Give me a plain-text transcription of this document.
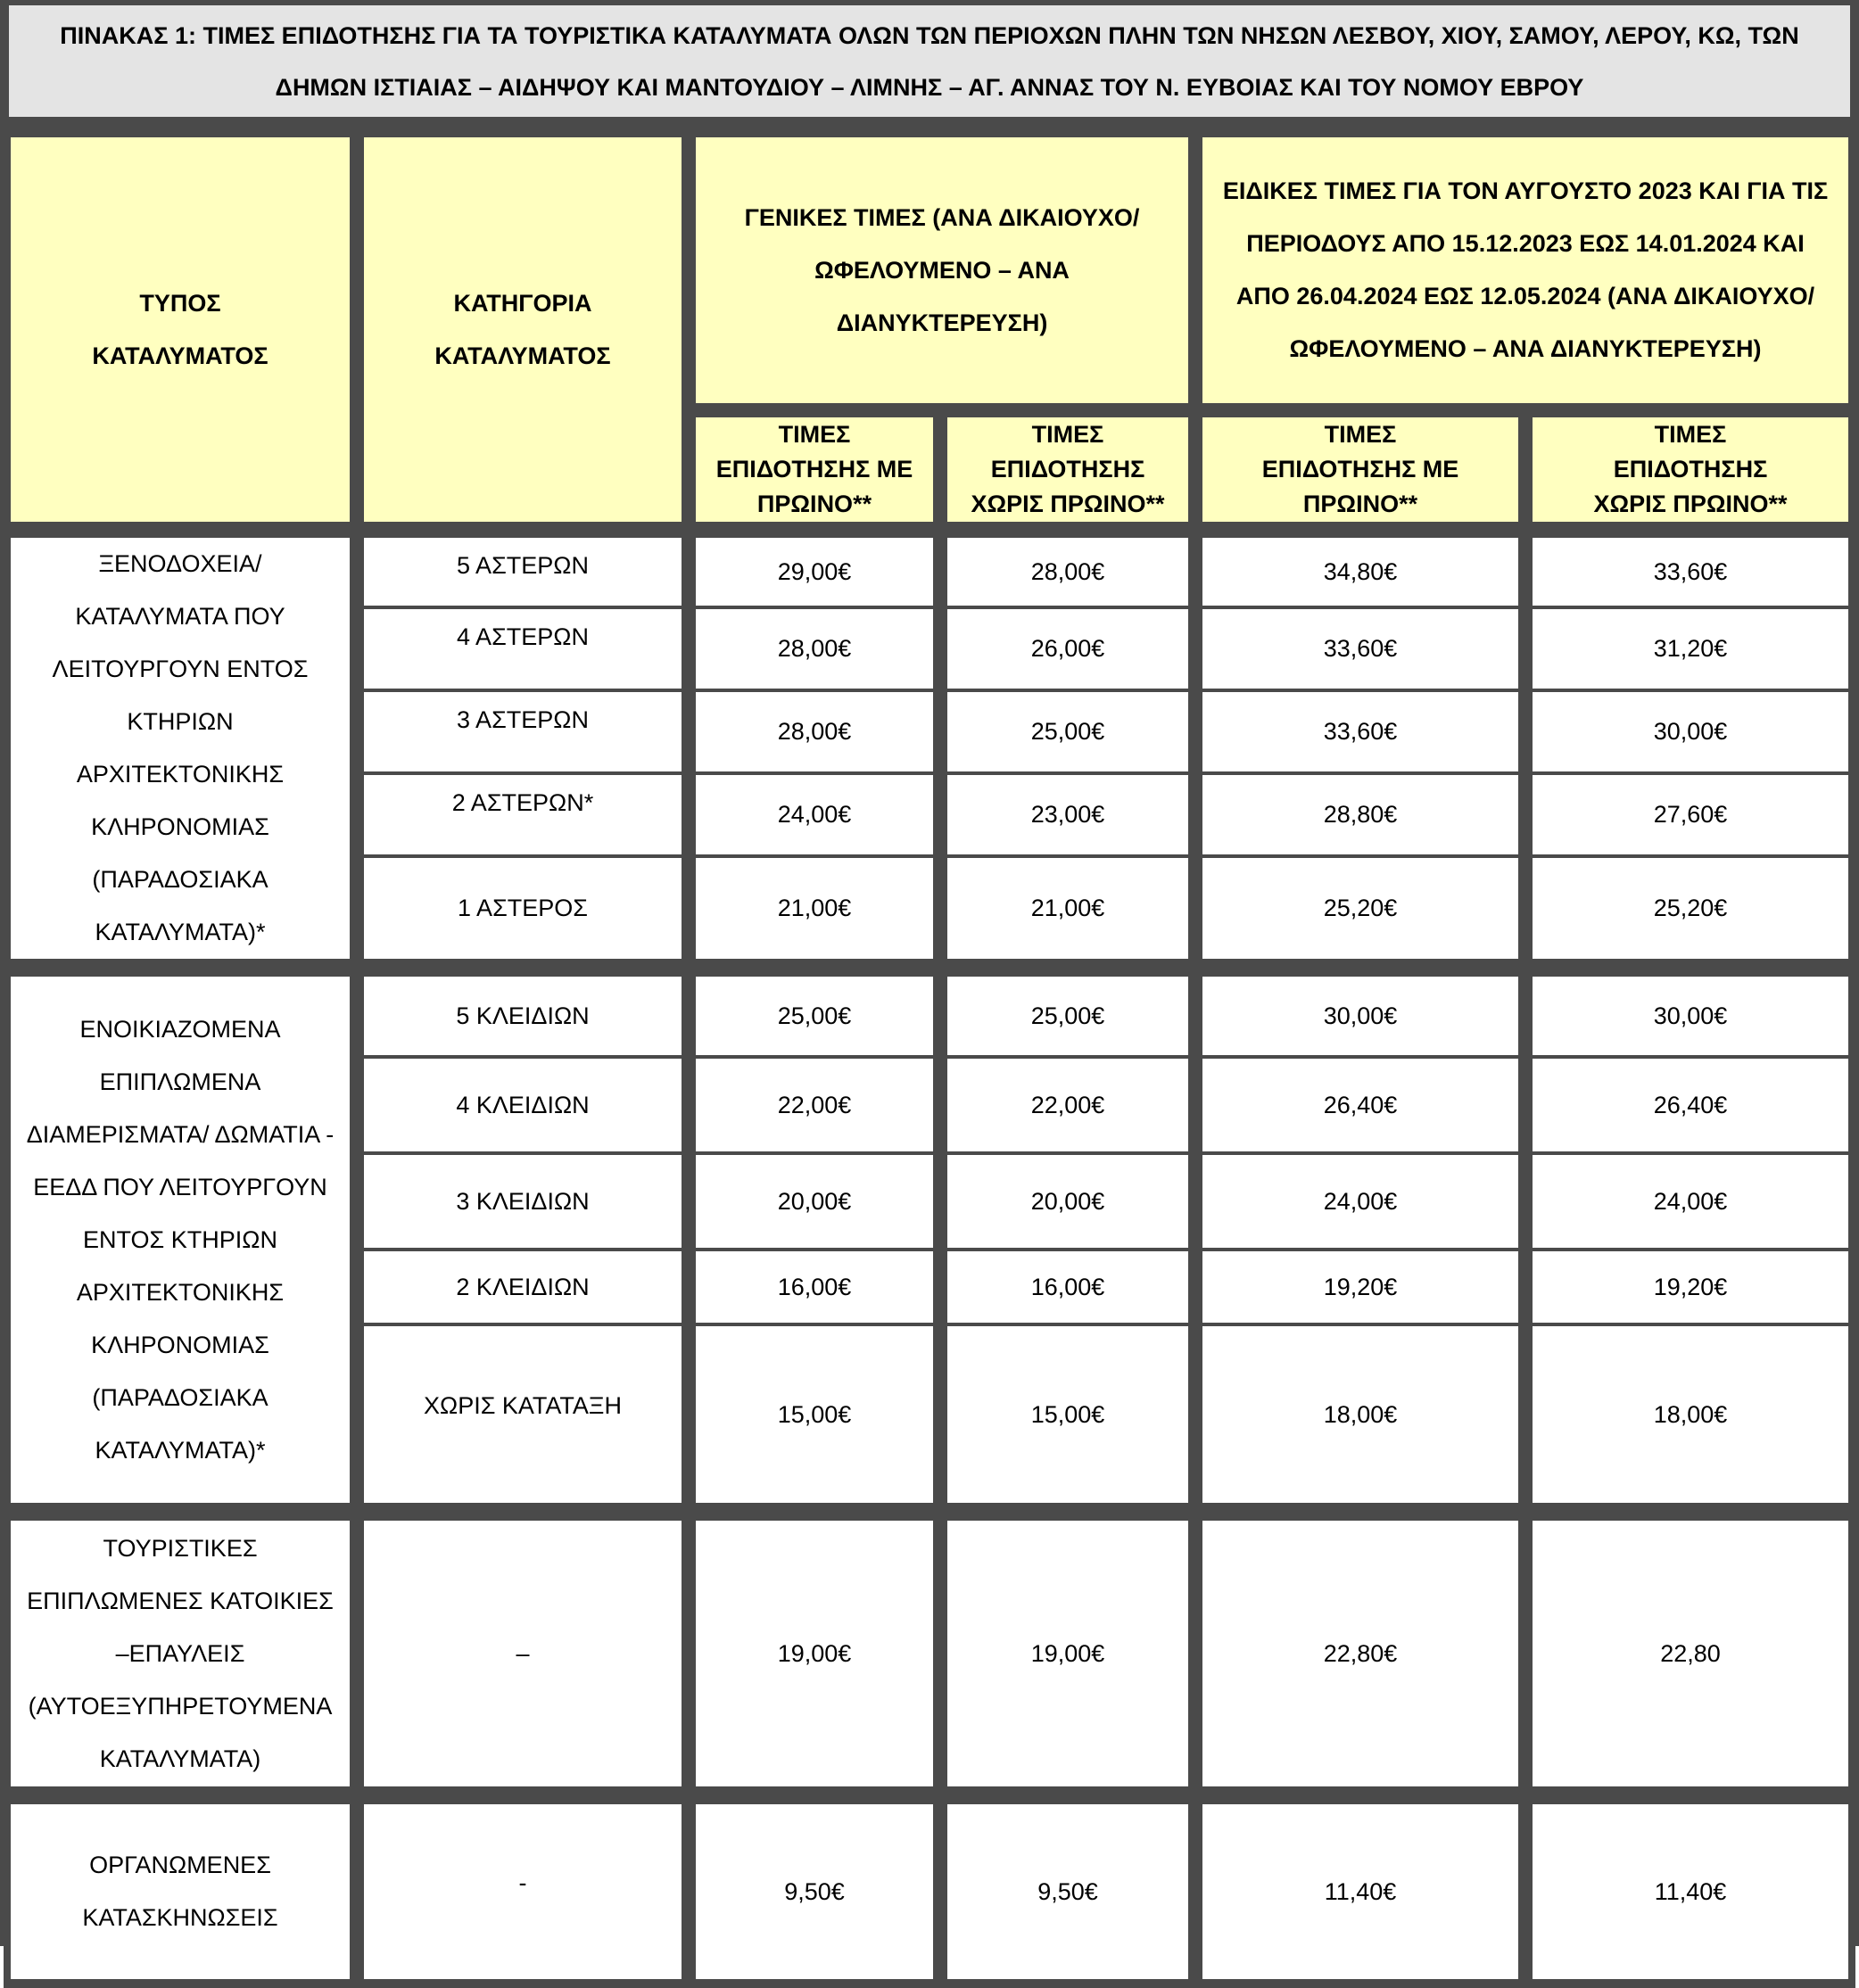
ΠΙΝΑΚΑΣ 1: ΤΙΜΕΣ ΕΠΙΔΟΤΗΣΗΣ ΓΙΑ ΤΑ ΤΟΥΡΙΣΤΙΚΑ ΚΑΤΑΛΥΜΑΤΑ ΟΛΩΝ ΤΩΝ ΠΕΡΙΟΧΩΝ ΠΛΗΝ ΤΩΝ ΝΗΣΩΝ ΛΕΣΒΟΥ, ΧΙΟΥ, ΣΑΜΟΥ, ΛΕΡΟΥ, ΚΩ, ΤΩΝ ΔΗΜΩΝ ΙΣΤΙΑΙΑΣ – ΑΙΔΗΨΟΥ ΚΑΙ ΜΑΝΤΟΥΔΙΟΥ – ΛΙΜΝΗΣ – ΑΓ. ΑΝΝΑΣ ΤΟΥ Ν. ΕΥΒΟΙΑΣ ΚΑΙ ΤΟΥ ΝΟΜΟΥ ΕΒΡΟΥ
ΤΥΠΟΣ ΚΑΤΑΛΥΜΑΤΟΣ	ΚΑΤΗΓΟΡΙΑ ΚΑΤΑΛΥΜΑΤΟΣ	ΓΕΝΙΚΕΣ ΤΙΜΕΣ (ΑΝΑ ΔΙΚΑΙΟΥΧΟ/ΩΦΕΛΟΥΜΕΝΟ – ΑΝΑ ΔΙΑΝΥΚΤΕΡΕΥΣΗ)		ΕΙΔΙΚΕΣ ΤΙΜΕΣ ΓΙΑ ΤΟΝ ΑΥΓΟΥΣΤΟ 2023 ΚΑΙ ΓΙΑ ΤΙΣ ΠΕΡΙΟΔΟΥΣ ΑΠΟ 15.12.2023 ΕΩΣ 14.01.2024 ΚΑΙ ΑΠΟ 26.04.2024 ΕΩΣ 12.05.2024 (ΑΝΑ ΔΙΚΑΙΟΥΧΟ/ΩΦΕΛΟΥΜΕΝΟ – ΑΝΑ ΔΙΑΝΥΚΤΕΡΕΥΣΗ)	
		ΤΙΜΕΣ ΕΠΙΔΟΤΗΣΗΣ ΜΕ ΠΡΩΙΝΟ**	ΤΙΜΕΣ ΕΠΙΔΟΤΗΣΗΣ ΧΩΡΙΣ ΠΡΩΙΝΟ**	ΤΙΜΕΣ ΕΠΙΔΟΤΗΣΗΣ ΜΕ ΠΡΩΙΝΟ**	ΤΙΜΕΣ ΕΠΙΔΟΤΗΣΗΣ ΧΩΡΙΣ ΠΡΩΙΝΟ**
ΞΕΝΟΔΟΧΕΙΑ/ ΚΑΤΑΛΥΜΑΤΑ ΠΟΥ ΛΕΙΤΟΥΡΓΟΥΝ ΕΝΤΟΣ ΚΤΗΡΙΩΝ ΑΡΧΙΤΕΚΤΟΝΙΚΗΣ ΚΛΗΡΟΝΟΜΙΑΣ (ΠΑΡΑΔΟΣΙΑΚΑ ΚΑΤΑΛΥΜΑΤΑ)*	5 ΑΣΤΕΡΩΝ	29,00€	28,00€	34,80€	33,60€
	4 ΑΣΤΕΡΩΝ	28,00€	26,00€	33,60€	31,20€
	3 ΑΣΤΕΡΩΝ	28,00€	25,00€	33,60€	30,00€
	2 ΑΣΤΕΡΩΝ*	24,00€	23,00€	28,80€	27,60€
	1 ΑΣΤΕΡΟΣ	21,00€	21,00€	25,20€	25,20€
ΕΝΟΙΚΙΑΖΟΜΕΝΑ ΕΠΙΠΛΩΜΕΝΑ ΔΙΑΜΕΡΙΣΜΑΤΑ/ ΔΩΜΑΤΙΑ - ΕΕΔΔ ΠΟΥ ΛΕΙΤΟΥΡΓΟΥΝ ΕΝΤΟΣ ΚΤΗΡΙΩΝ ΑΡΧΙΤΕΚΤΟΝΙΚΗΣ ΚΛΗΡΟΝΟΜΙΑΣ (ΠΑΡΑΔΟΣΙΑΚΑ ΚΑΤΑΛΥΜΑΤΑ)*	5 ΚΛΕΙΔΙΩΝ	25,00€	25,00€	30,00€	30,00€
	4 ΚΛΕΙΔΙΩΝ	22,00€	22,00€	26,40€	26,40€
	3 ΚΛΕΙΔΙΩΝ	20,00€	20,00€	24,00€	24,00€
	2 ΚΛΕΙΔΙΩΝ	16,00€	16,00€	19,20€	19,20€
	ΧΩΡΙΣ ΚΑΤΑΤΑΞΗ	15,00€	15,00€	18,00€	18,00€
ΤΟΥΡΙΣΤΙΚΕΣ ΕΠΙΠΛΩΜΕΝΕΣ ΚΑΤΟΙΚΙΕΣ –ΕΠΑΥΛΕΙΣ (ΑΥΤΟΕΞΥΠΗΡΕΤΟΥΜΕΝΑ ΚΑΤΑΛΥΜΑΤΑ)	–	19,00€	19,00€	22,80€	22,80
ΟΡΓΑΝΩΜΕΝΕΣ ΚΑΤΑΣΚΗΝΩΣΕΙΣ	-	9,50€	9,50€	11,40€	11,40€
